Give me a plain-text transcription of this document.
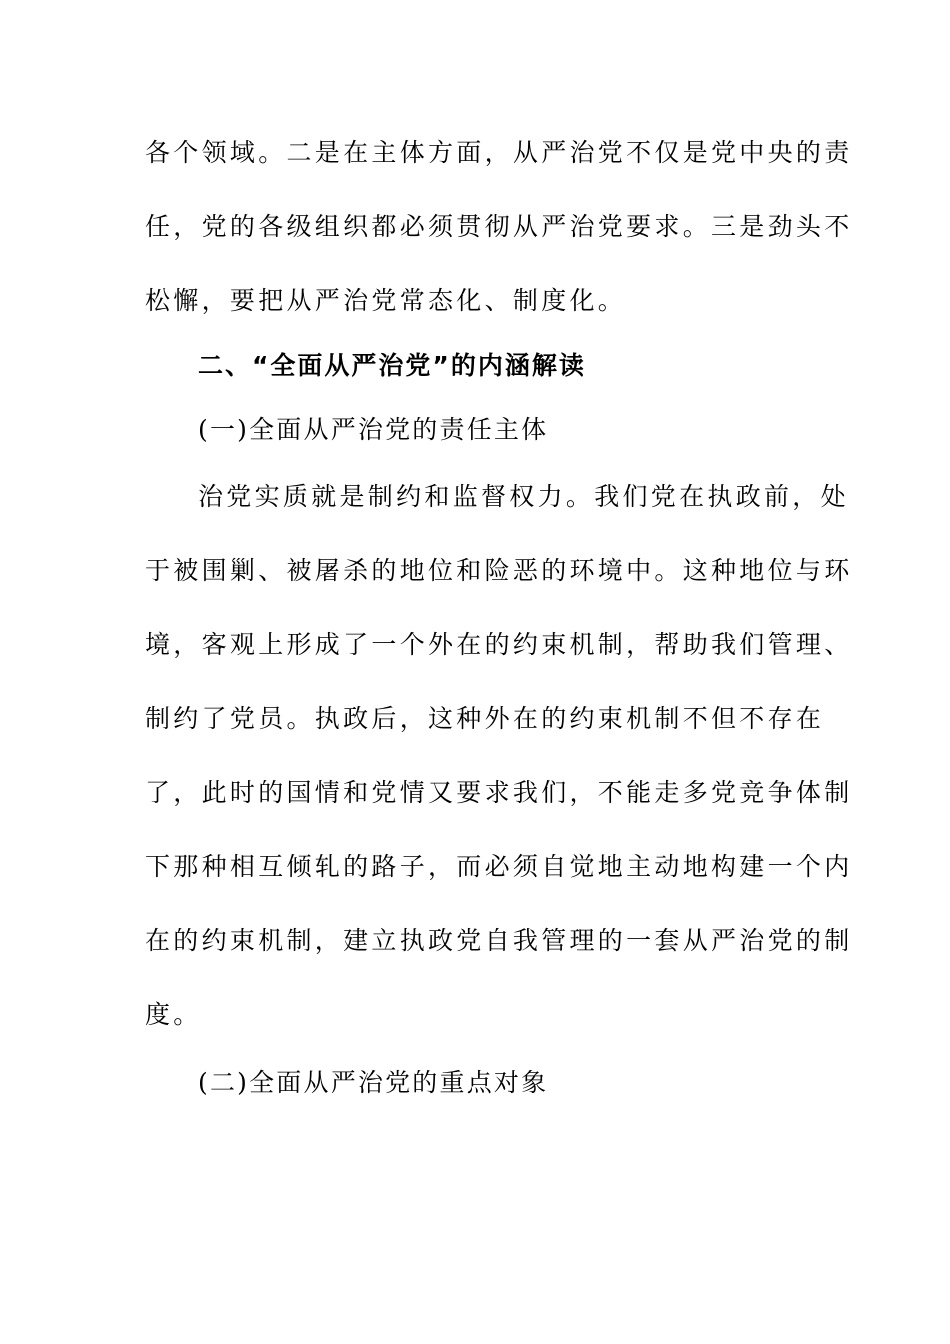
各个领域。二是在主体方面，从严治党不仅是党中央的责
任，党的各级组织都必须贯彻从严治党要求。三是劲头不
松懈，要把从严治党常态化、制度化。
二、“全面从严治党”的内涵解读
(一)全面从严治党的责任主体
治党实质就是制约和监督权力。我们党在执政前，处
于被围剿、被屠杀的地位和险恶的环境中。这种地位与环
境，客观上形成了一个外在的约束机制，帮助我们管理、
制约了党员。执政后，这种外在的约束机制不但不存在
了，此时的国情和党情又要求我们，不能走多党竞争体制
下那种相互倾轧的路子，而必须自觉地主动地构建一个内
在的约束机制，建立执政党自我管理的一套从严治党的制
度。
(二)全面从严治党的重点对象
